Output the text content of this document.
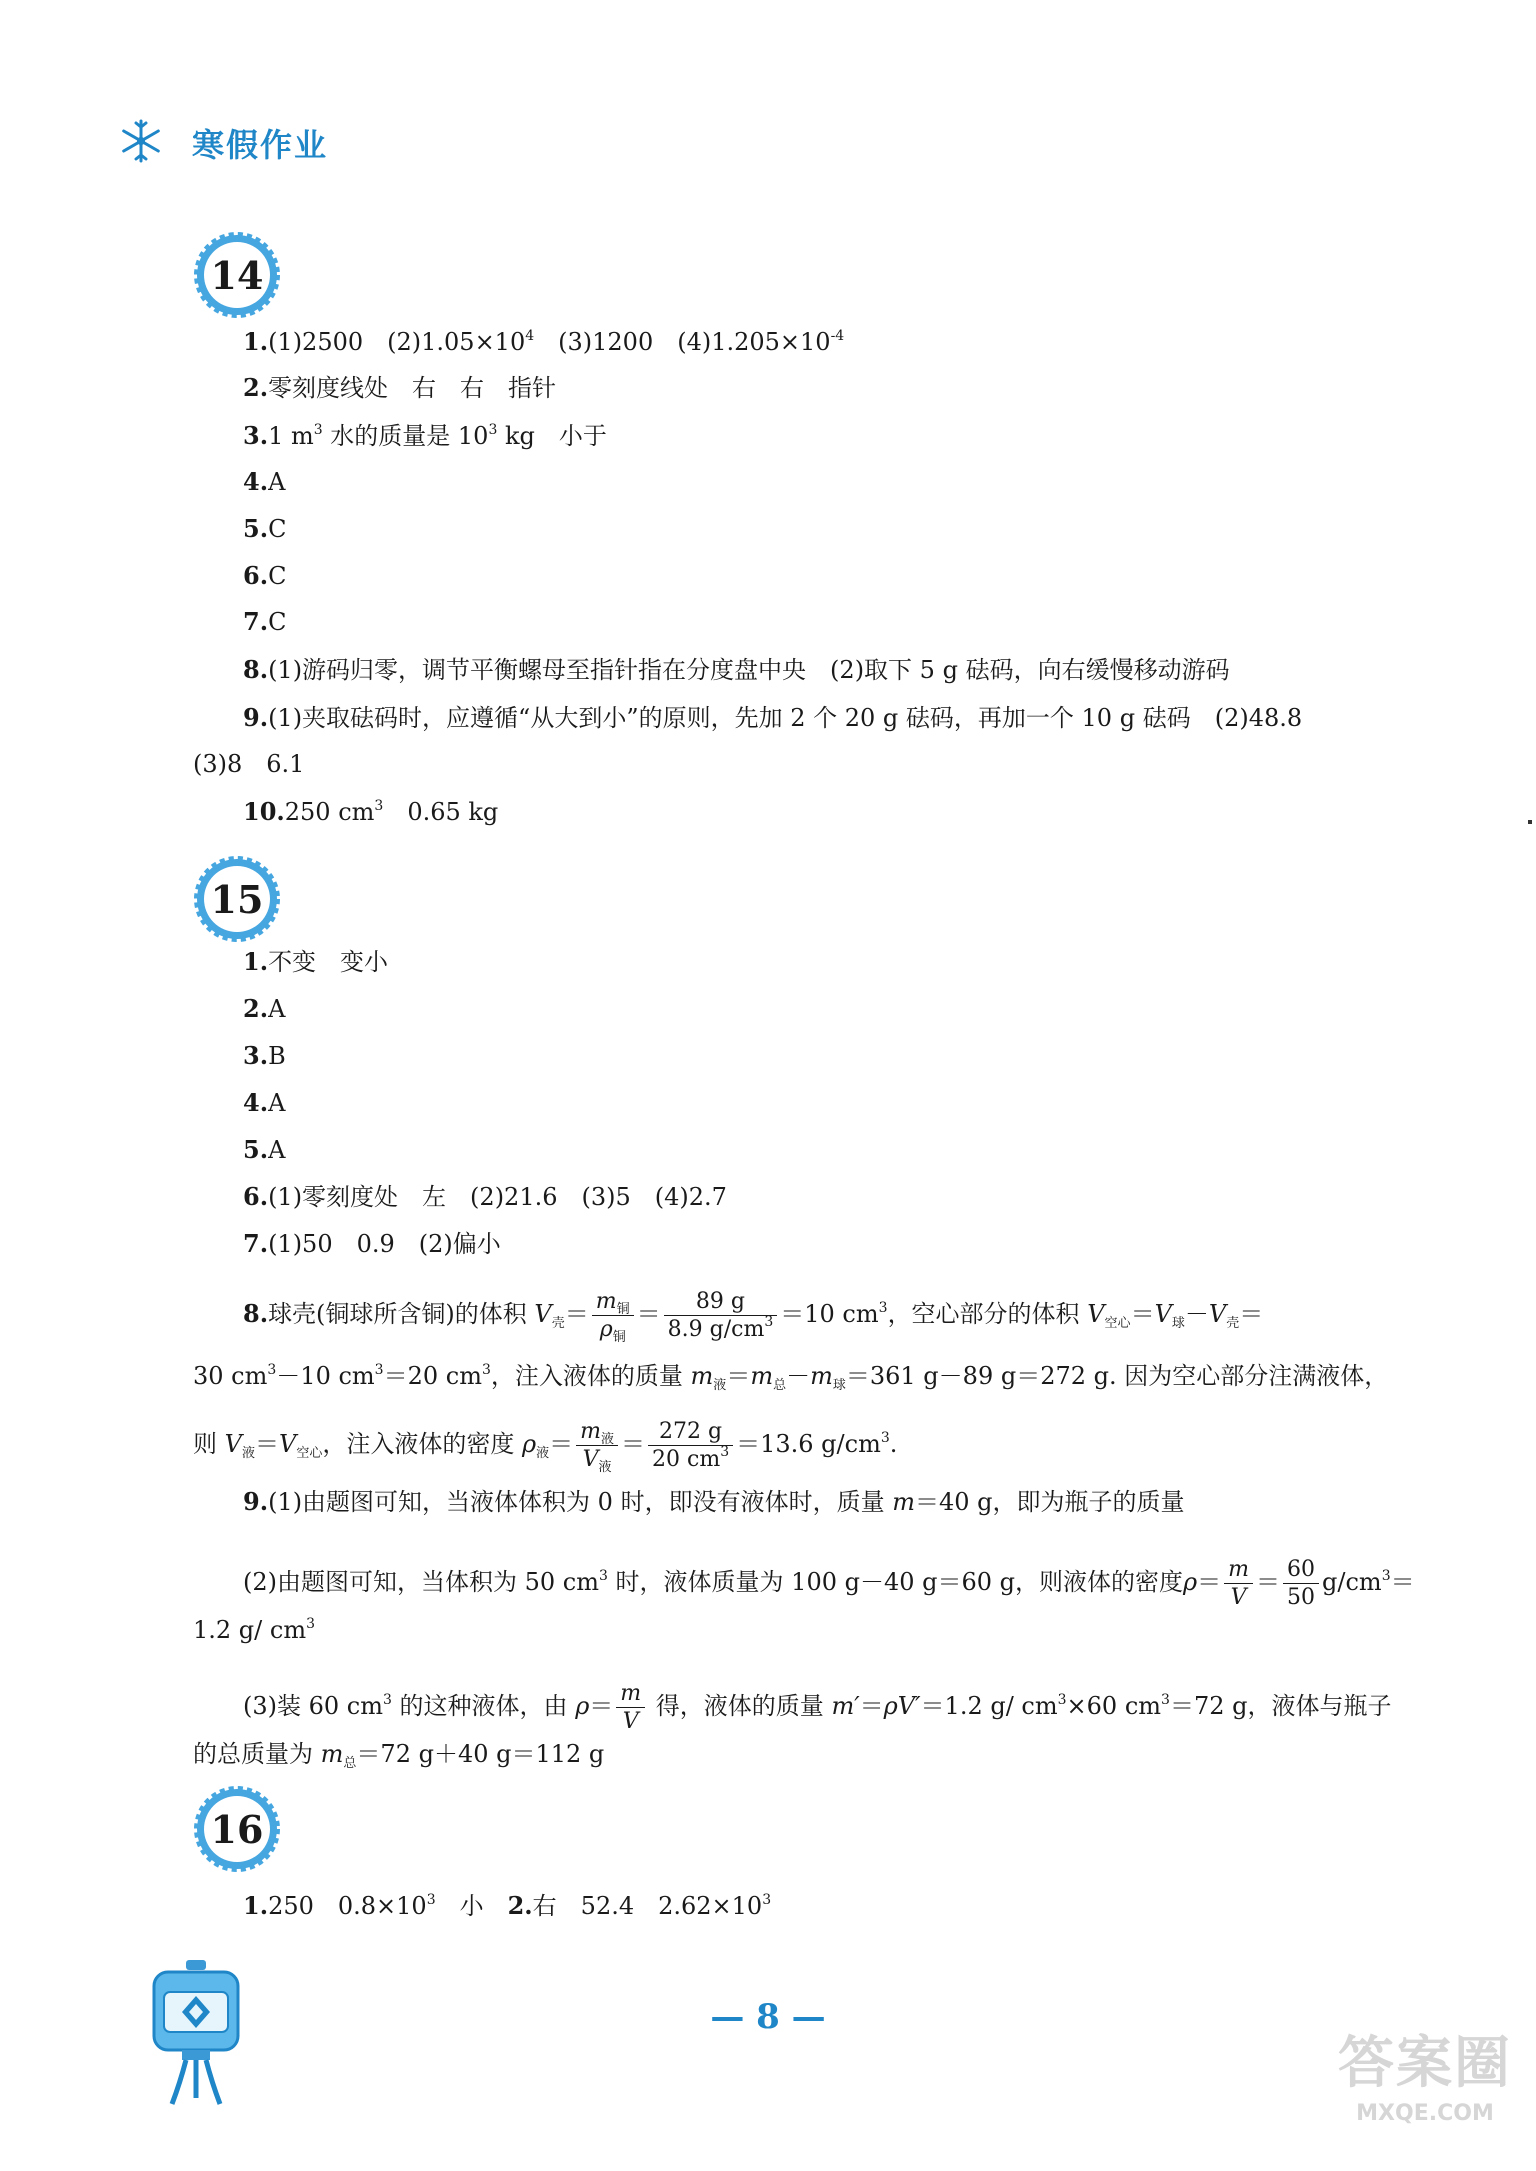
寒假作业
14
15
16
1.(1)2500　$(2)1.05\times 10^4$　(3)1200　$(4)1.205\times 10^{-4}$
2.零刻度线处　右　右　指针
3.1 $m^3$ 水的质量是 $10^3$ kg　小于
4.A
5.C
6.C
7.C
8.(1)游码归零，调节平衡螺母至指针指在分度盘中央　(2)取下 5 g 砝码，向右缓慢移动游码
9.(1)夹取砝码时，应遵循“从大到小”的原则，先加 2 个 20 g 砝码，再加一个 10 g 砝码　(2)48.8
(3)8　6.1
10.250 $cm^3$　0.65 kg
1.不变　变小
2.A
3.B
4.A
5.A
6.(1)零刻度处　左　(2)21.6　(3)5　(4)2.7
7.(1)50　0.9　(2)偏小
8.球壳(铜球所含铜)的体积 $V_壳= \frac{m_铜}{\rho_铜} = \frac{89 g}{8.9 g/cm^3} =10$ $cm^3$，空心部分的体积 $V_{空心}=V_球-V_壳=$
30 $cm^3-10$ $cm^3=20$ $cm^3$，注入液体的质量 $m_液=m_总-m_球=361$ g－89 g＝272 g. 因为空心部分注满液体，
则 $V_液=V_{空心}$，注入液体的密度 $\rho_液= \frac{m_液}{V_液} = \frac{272 g}{20 cm^3} =13.6$ $g/cm^3$.
9.(1)由题图可知，当液体体积为 0 时，即没有液体时，质量 m＝40 g，即为瓶子的质量
(2)由题图可知，当体积为 50 $cm^3$ 时，液体质量为 100 g－40 g＝60 g，则液体的密度$\rho= \frac{m}{V} = \frac{60}{50} g/cm^3=$
1.2 g/ $cm^3$
(3)装 60 $cm^3$ 的这种液体，由 $\rho= \frac{m}{V}$ 得，液体的质量 m′＝ρV′＝1.2 g/ $cm^3\times 60$ $cm^3=72$ g，液体与瓶子
的总质量为 $m_总=72$ g＋40 g＝112 g
1.250　$0.8\times 10^3$　小　2.右　52.4　$2.62\times 10^3$
— 8 —
答案圈
MXQE.COM
